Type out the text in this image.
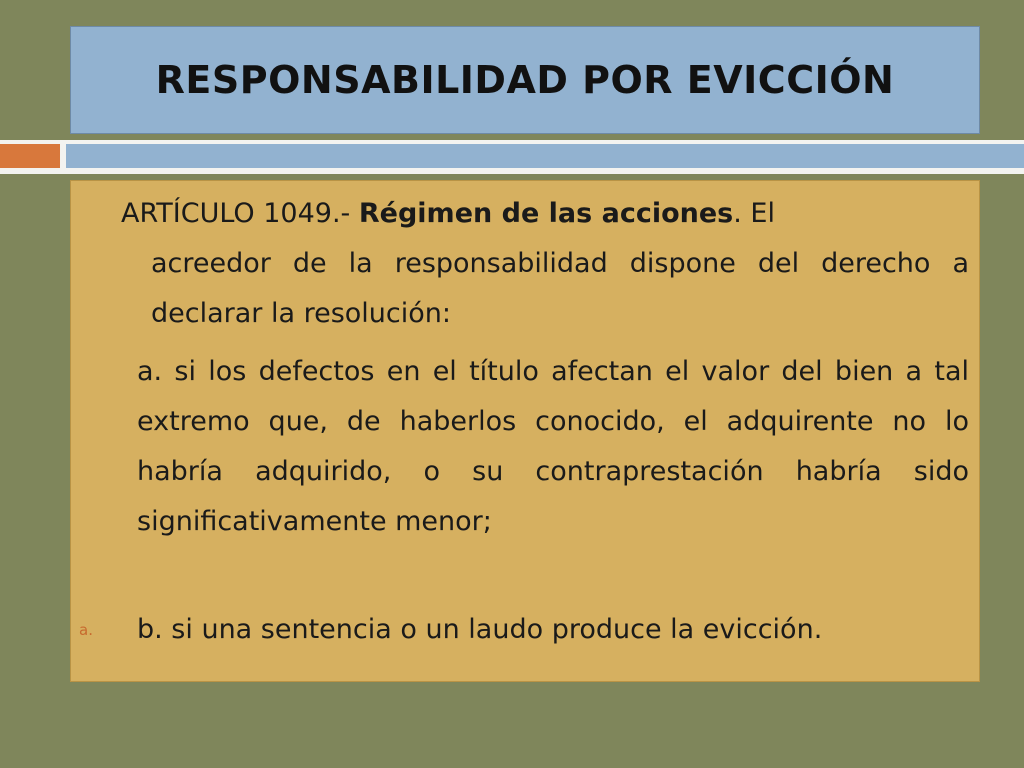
RESPONSABILIDAD POR EVICCIÓN
ARTÍCULO 1049.- Régimen de las acciones. El
acreedor de la responsabilidad dispone del derecho a declarar la resolución:
a. si los defectos en el título afectan el valor del bien a tal extremo que, de haberlos conocido, el adquirente no lo habría adquirido, o su contraprestación habría sido significativamente menor;
a. b. si una sentencia o un laudo produce la evicción.
